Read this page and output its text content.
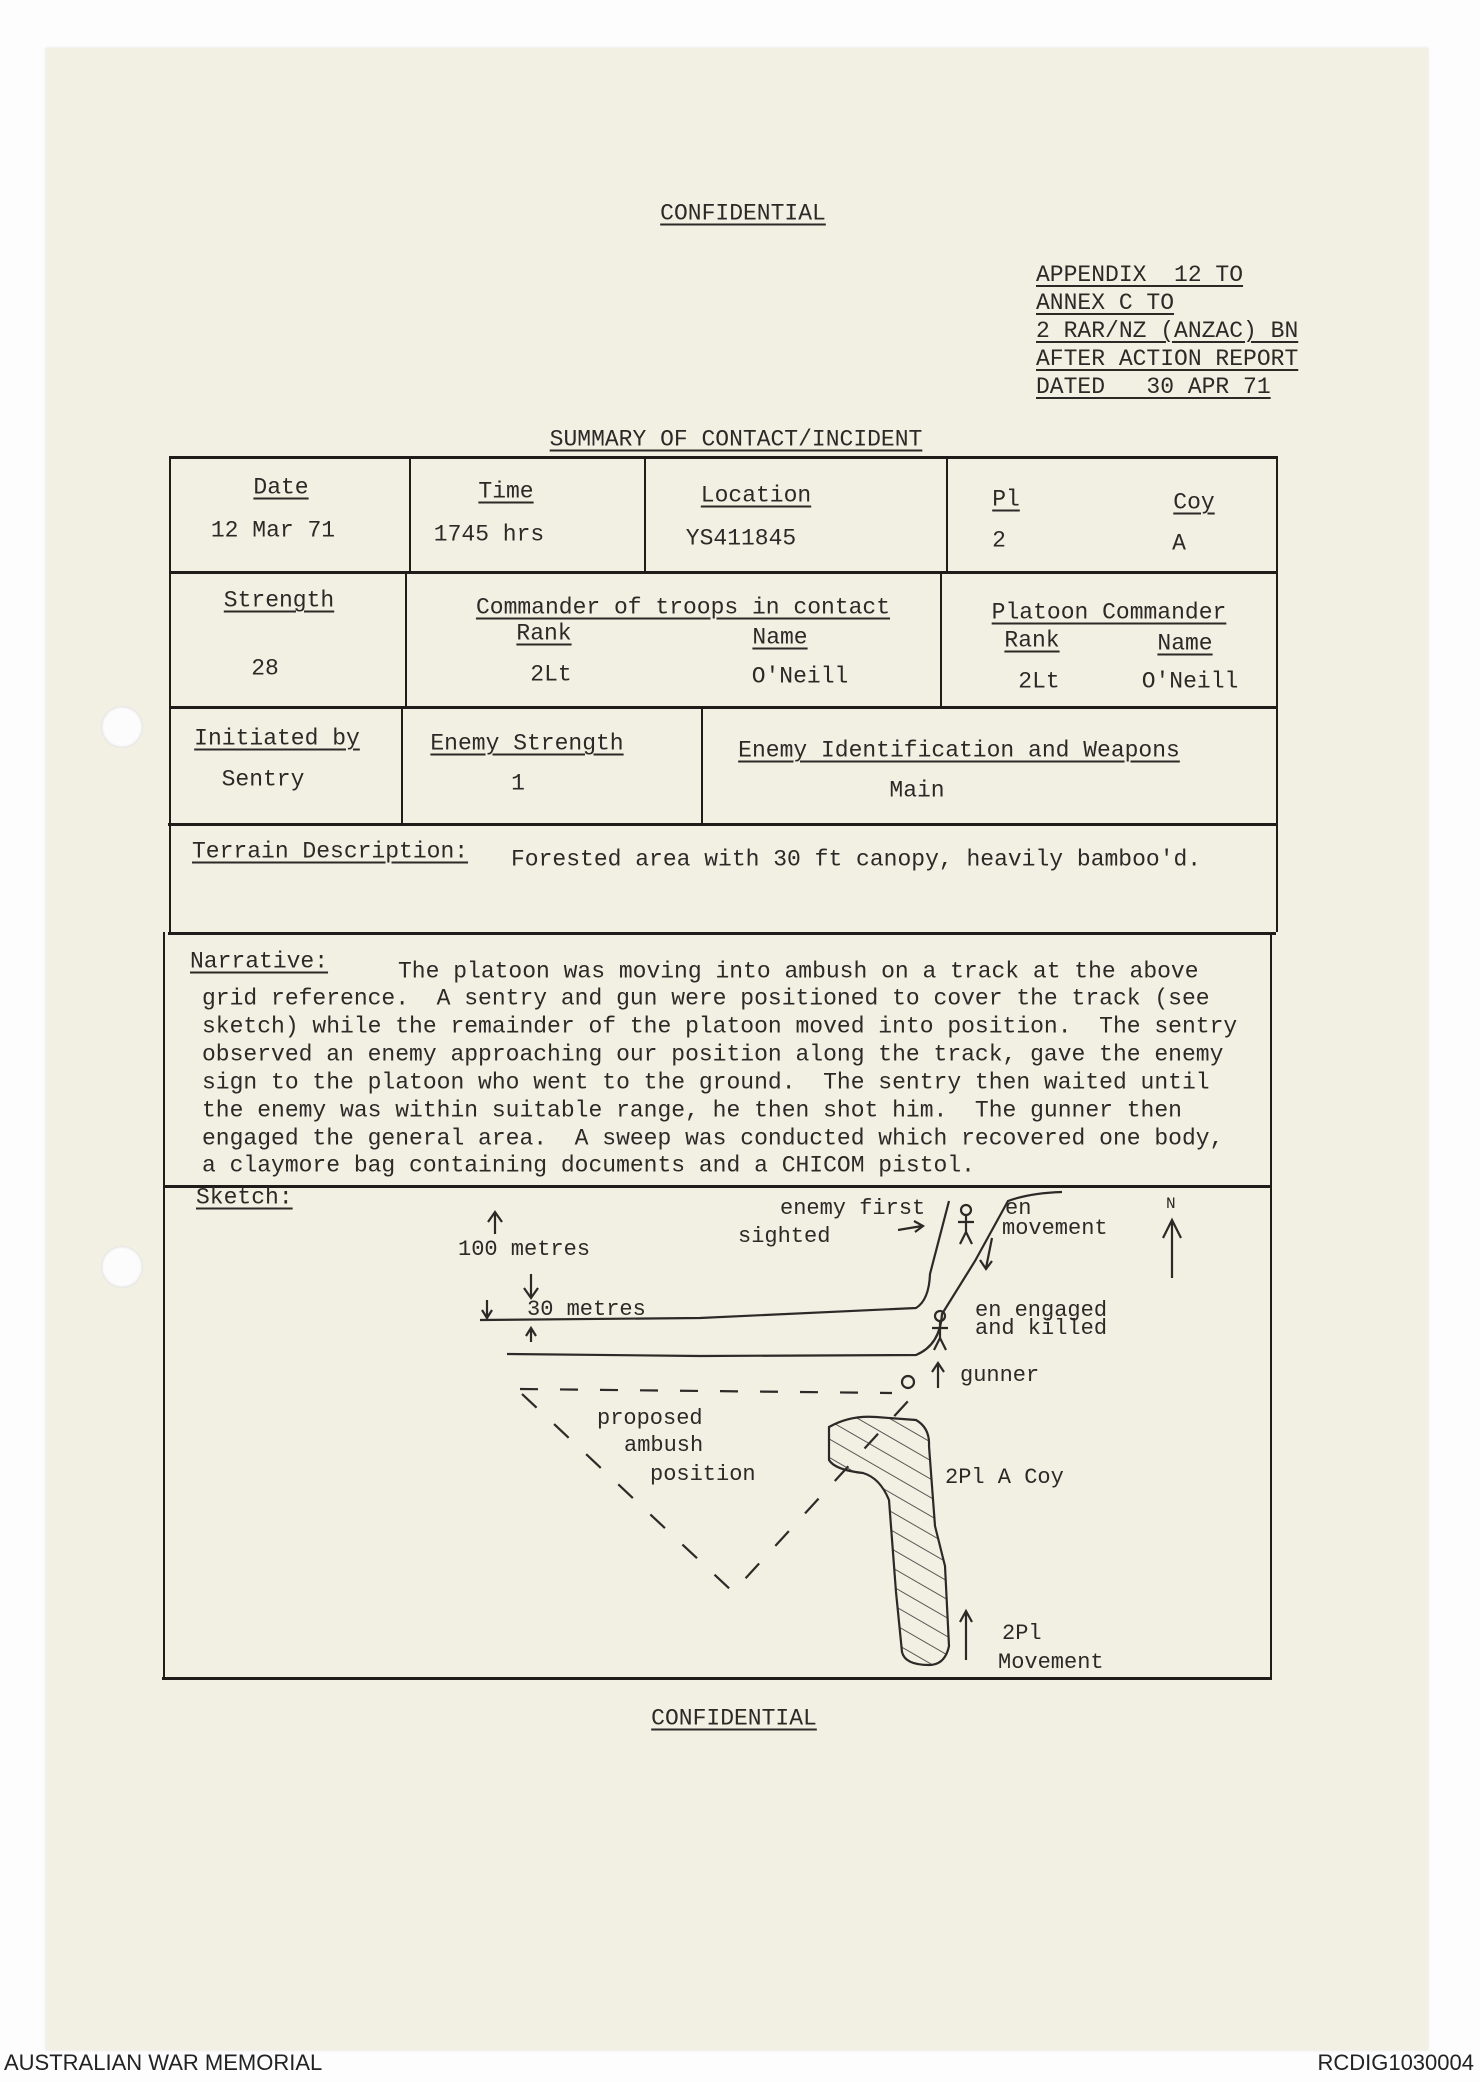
CONFIDENTIAL
APPENDIX  12 TO
ANNEX C TO
2 RAR/NZ (ANZAC) BN
AFTER ACTION REPORT
DATED   30 APR 71
SUMMARY OF CONTACT/INCIDENT
Date
12 Mar 71
Time
1745 hrs
Location
YS411845
Pl
2
Coy
A
Strength
28
Commander of troops in contact
Rank	Name
2Lt	O'Neill
Platoon Commander
Rank	Name
2Lt	O'Neill
Initiated by
Sentry
Enemy Strength
1
Enemy Identification and Weapons
Main
Terrain Description: Forested area with 30 ft canopy, heavily bamboo'd.
Narrative:	The platoon was moving into ambush on a track at the above
grid reference.  A sentry and gun were positioned to cover the track (see
sketch) while the remainder of the platoon moved into position.  The sentry
observed an enemy approaching our position along the track, gave the enemy
sign to the platoon who went to the ground.  The sentry then waited until
the enemy was within suitable range, he then shot him.  The gunner then
engaged the general area.  A sweep was conducted which recovered one body,
a claymore bag containing documents and a CHICOM pistol.
Sketch:	enemy first
sighted
en
movement
100 metres
30 metres	en engaged
and killed
gunner
N
proposed
ambush
position	2Pl A Coy
2Pl
Movement
CONFIDENTIAL
AUSTRALIAN WAR MEMORIAL	RCDIG1030004
